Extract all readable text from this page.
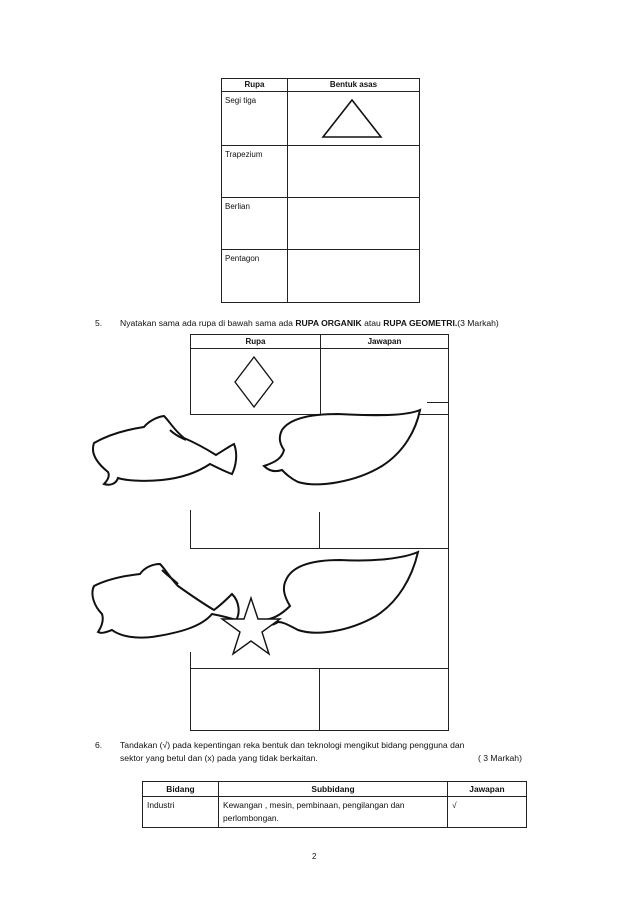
Rupa	Bentuk asas
Segi tiga	

Trapezium	
Berlian	
Pentagon	
5. Nyatakan sama ada rupa di bawah sama ada RUPA ORGANIK atau RUPA GEOMETRI.(3 Markah)
Rupa	Jawapan

6. Tandakan (√) pada kepentingan reka bentuk dan teknologi mengikut bidang pengguna dan
sektor yang betul dan (x) pada yang tidak berkaitan.	( 3 Markah)
Bidang	Subbidang	Jawapan
Industri	Kewangan , mesin, pembinaan, pengilangan dan perlombongan.	√
2
